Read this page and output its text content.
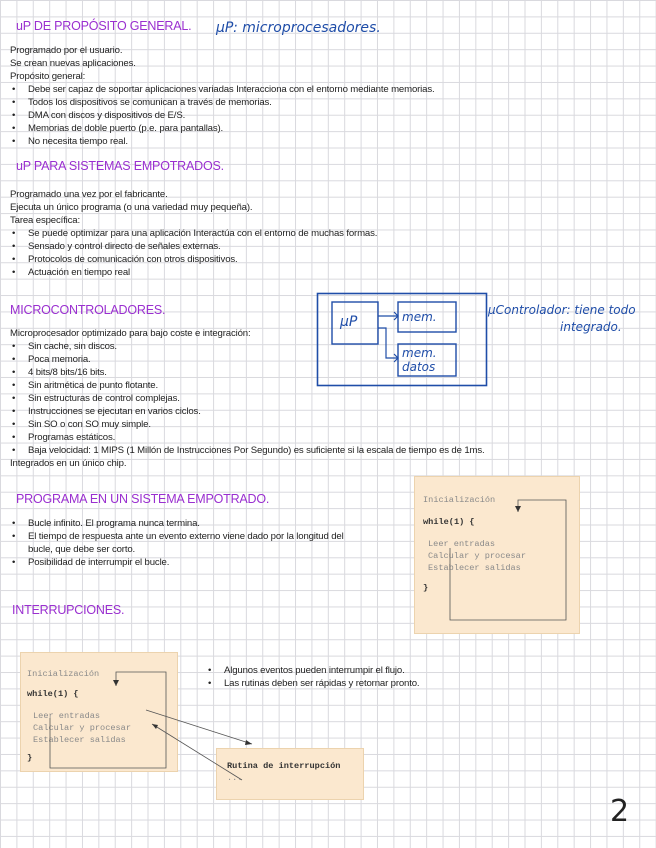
uP DE PROPÓSITO GENERAL. µP: microprocesadores.

Programado por el usuario.

Se crean nuevas aplicaciones.

Propósito general:

• Debe ser capaz de soportar aplicaciones variadas Interacciona con el entorno mediante memorias.
• Todos los dispositivos se comunican a través de memorias.
• DMA con discos y dispositivos de E/S.
• Memorias de doble puerto (p.e. para pantallas).
• No necesita tiempo real.
uP PARA SISTEMAS EMPOTRADOS.

Programado una vez por el fabricante.

Ejecuta un único programa (o una variedad muy pequeña).

Tarea específica:

• Se puede optimizar para una aplicación Interactúa con el entorno de muchas formas.
• Sensado y control directo de señales externas.
• Protocolos de comunicación con otros dispositivos.
• Actuación en tiempo real
MICROCONTROLADORES.

Microprocesador optimizado para bajo coste e integración:

• Sin cache, sin discos.
• Poca memoria.
• 4 bits/8 bits/16 bits.
• Sin aritmética de punto flotante.
• Sin estructuras de control complejas.
• Instrucciones se ejecutan en varios ciclos.
• Sin SO o con SO muy simple.
• Programas estáticos.
• Baja velocidad: 1 MIPS (1 Millón de Instrucciones Por Segundo) es suficiente si la escala de tiempo es de 1ms.

Integrados en un único chip.

µP	mem.
mem.
datos
µControlador: tiene todo
integrado.
PROGRAMA EN UN SISTEMA EMPOTRADO.
• Bucle infinito. El programa nunca termina.
• El tiempo de respuesta ante un evento externo viene dado por la longitud del bucle, que debe ser corto.
• Posibilidad de interrumpir el bucle.
Inicialización
while(1) {
Leer entradas
Calcular y procesar
Establecer salidas
}
INTERRUPCIONES.
Inicialización
while(1) {
Leer entradas
Calcular y procesar
Establecer salidas
}
Rutina de interrupción
...
• Algunos eventos pueden interrumpir el flujo.
• Las rutinas deben ser rápidas y retornar pronto.
2
